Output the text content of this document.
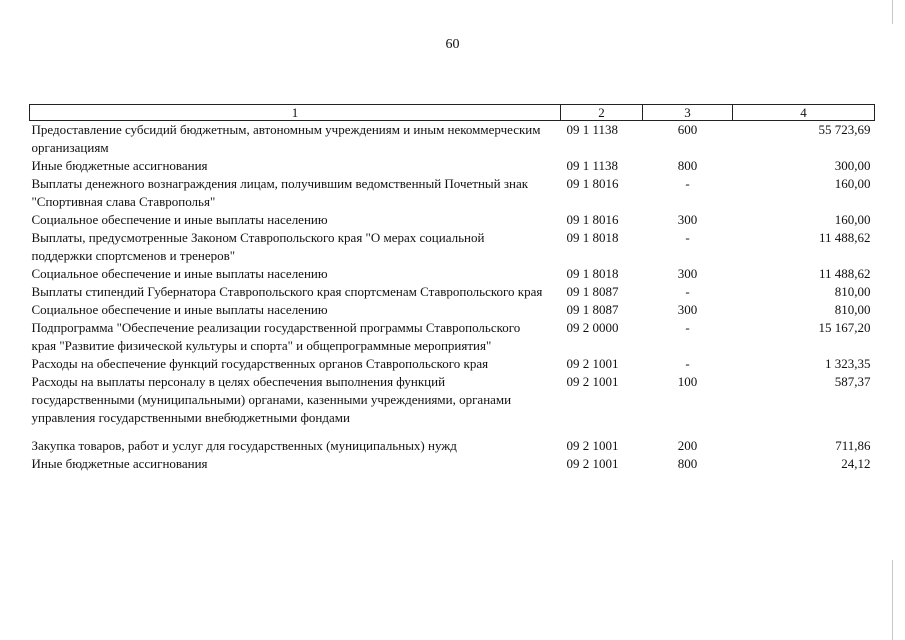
60
1	2	3	4
Предоставление субсидий бюджетным, автономным учреждениям и иным некоммерческим организациям	09 1 1138	600	55 723,69
Иные бюджетные ассигнования	09 1 1138	800	300,00
Выплаты денежного вознаграждения лицам, получившим ведомственный Почетный знак "Спортивная слава Ставрополья"	09 1 8016	-	160,00
Социальное обеспечение и иные выплаты населению	09 1 8016	300	160,00
Выплаты, предусмотренные Законом Ставропольского края "О мерах социальной поддержки спортсменов и тренеров"	09 1 8018	-	11 488,62
Социальное обеспечение и иные выплаты населению	09 1 8018	300	11 488,62
Выплаты стипендий Губернатора Ставропольского края спортсменам Ставропольского края	09 1 8087	-	810,00
Социальное обеспечение и иные выплаты населению	09 1 8087	300	810,00
Подпрограмма "Обеспечение реализации государственной программы Ставропольского края "Развитие физической культуры и спорта" и общепрограммные мероприятия"	09 2 0000	-	15 167,20
Расходы на обеспечение функций государственных органов Ставропольского края	09 2 1001	-	1 323,35
Расходы на выплаты персоналу в целях обеспечения выполнения функций государственными (муниципальными) органами, казенными учреждениями, органами управления государственными внебюджетными фондами	09 2 1001	100	587,37
Закупка товаров, работ и услуг для государственных (муниципальных) нужд	09 2 1001	200	711,86
Иные бюджетные ассигнования	09 2 1001	800	24,12
